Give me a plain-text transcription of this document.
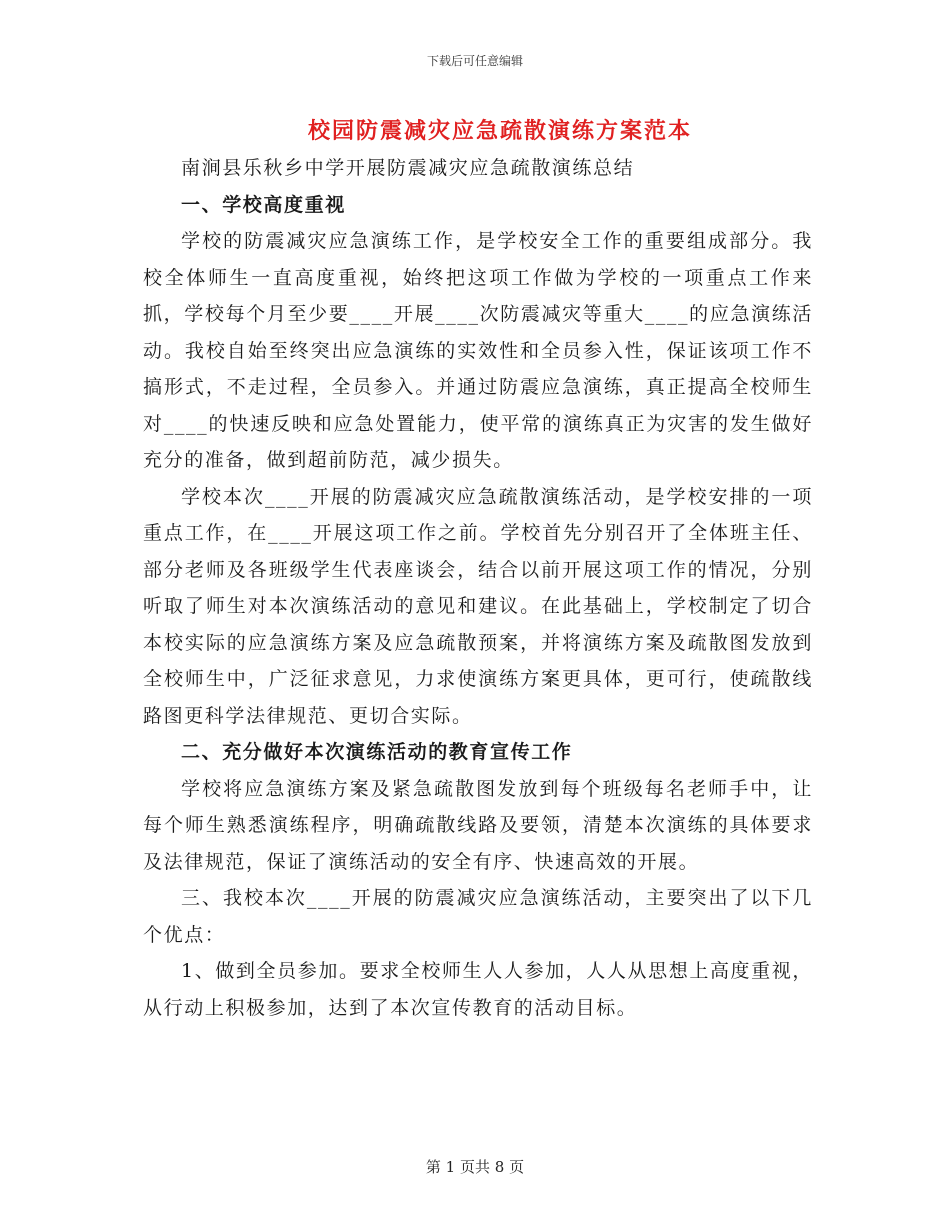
下载后可任意编辑
校园防震减灾应急疏散演练方案范本

南涧县乐秋乡中学开展防震减灾应急疏散演练总结

一、学校高度重视

学校的防震减灾应急演练工作，是学校安全工作的重要组成部分。我校全体师生一直高度重视，始终把这项工作做为学校的一项重点工作来抓，学校每个月至少要____开展____次防震减灾等重大____的应急演练活动。我校自始至终突出应急演练的实效性和全员参入性，保证该项工作不搞形式，不走过程，全员参入。并通过防震应急演练，真正提高全校师生对____的快速反映和应急处置能力，使平常的演练真正为灾害的发生做好充分的准备，做到超前防范，减少损失。

学校本次____开展的防震减灾应急疏散演练活动，是学校安排的一项重点工作，在____开展这项工作之前。学校首先分别召开了全体班主任、部分老师及各班级学生代表座谈会，结合以前开展这项工作的情况，分别听取了师生对本次演练活动的意见和建议。在此基础上，学校制定了切合本校实际的应急演练方案及应急疏散预案，并将演练方案及疏散图发放到全校师生中，广泛征求意见，力求使演练方案更具体，更可行，使疏散线路图更科学法律规范、更切合实际。

二、充分做好本次演练活动的教育宣传工作

学校将应急演练方案及紧急疏散图发放到每个班级每名老师手中，让每个师生熟悉演练程序，明确疏散线路及要领，清楚本次演练的具体要求及法律规范，保证了演练活动的安全有序、快速高效的开展。

三、我校本次____开展的防震减灾应急演练活动，主要突出了以下几个优点：

1、做到全员参加。要求全校师生人人参加，人人从思想上高度重视，从行动上积极参加，达到了本次宣传教育的活动目标。

第 1 页共 8 页
